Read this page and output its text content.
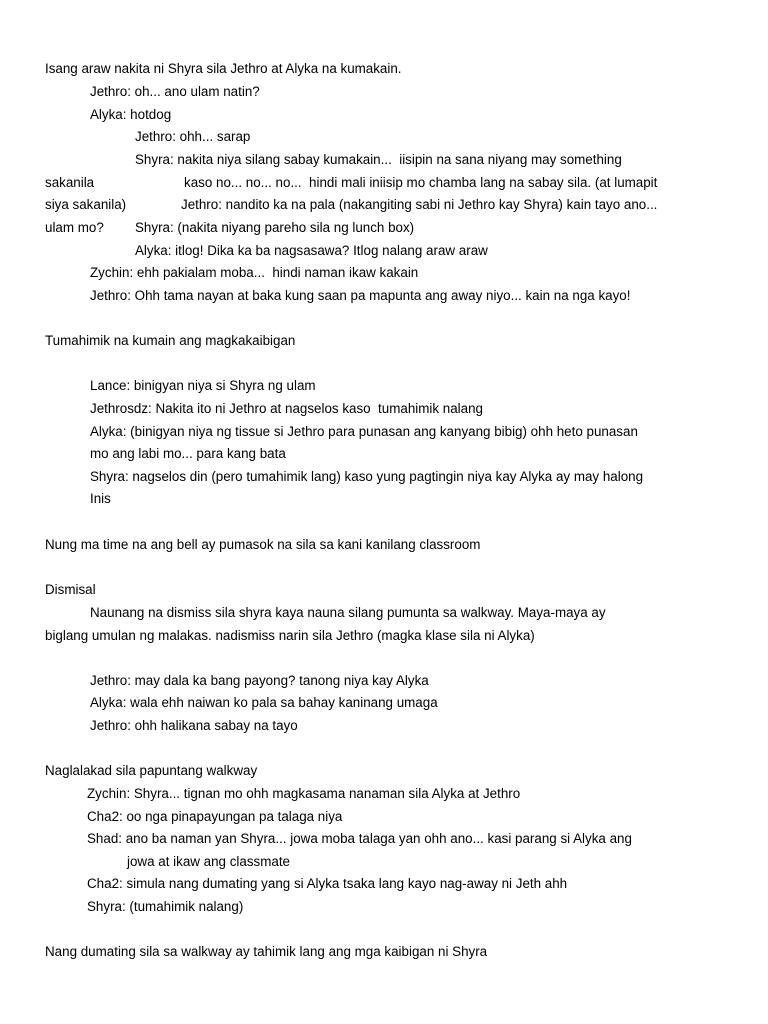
Isang araw nakita ni Shyra sila Jethro at Alyka na kumakain.
Jethro: oh... ano ulam natin?
Alyka: hotdog
Jethro: ohh... sarap
Shyra: nakita niya silang sabay kumakain...  iisipin na sana niyang may something
sakanila	kaso no... no... no...  hindi mali iniisip mo chamba lang na sabay sila. (at lumapit
siya sakanila)	Jethro: nandito ka na pala (nakangiting sabi ni Jethro kay Shyra) kain tayo ano...
ulam mo? Shyra: (nakita niyang pareho sila ng lunch box)
Alyka: itlog! Dika ka ba nagsasawa? Itlog nalang araw araw
Zychin: ehh pakialam moba...  hindi naman ikaw kakain
Jethro: Ohh tama nayan at baka kung saan pa mapunta ang away niyo... kain na nga kayo!
Tumahimik na kumain ang magkakaibigan
Lance: binigyan niya si Shyra ng ulam
Jethrosdz: Nakita ito ni Jethro at nagselos kaso  tumahimik nalang
Alyka: (binigyan niya ng tissue si Jethro para punasan ang kanyang bibig) ohh heto punasan
mo ang labi mo... para kang bata
Shyra: nagselos din (pero tumahimik lang) kaso yung pagtingin niya kay Alyka ay may halong
Inis
Nung ma time na ang bell ay pumasok na sila sa kani kanilang classroom
Dismisal
Naunang na dismiss sila shyra kaya nauna silang pumunta sa walkway. Maya-maya ay
biglang umulan ng malakas. nadismiss narin sila Jethro (magka klase sila ni Alyka)
Jethro: may dala ka bang payong? tanong niya kay Alyka
Alyka: wala ehh naiwan ko pala sa bahay kaninang umaga
Jethro: ohh halikana sabay na tayo
Naglalakad sila papuntang walkway
Zychin: Shyra... tignan mo ohh magkasama nanaman sila Alyka at Jethro
Cha2: oo nga pinapayungan pa talaga niya
Shad: ano ba naman yan Shyra... jowa moba talaga yan ohh ano... kasi parang si Alyka ang
jowa at ikaw ang classmate
Cha2: simula nang dumating yang si Alyka tsaka lang kayo nag-away ni Jeth ahh
Shyra: (tumahimik nalang)
Nang dumating sila sa walkway ay tahimik lang ang mga kaibigan ni Shyra
